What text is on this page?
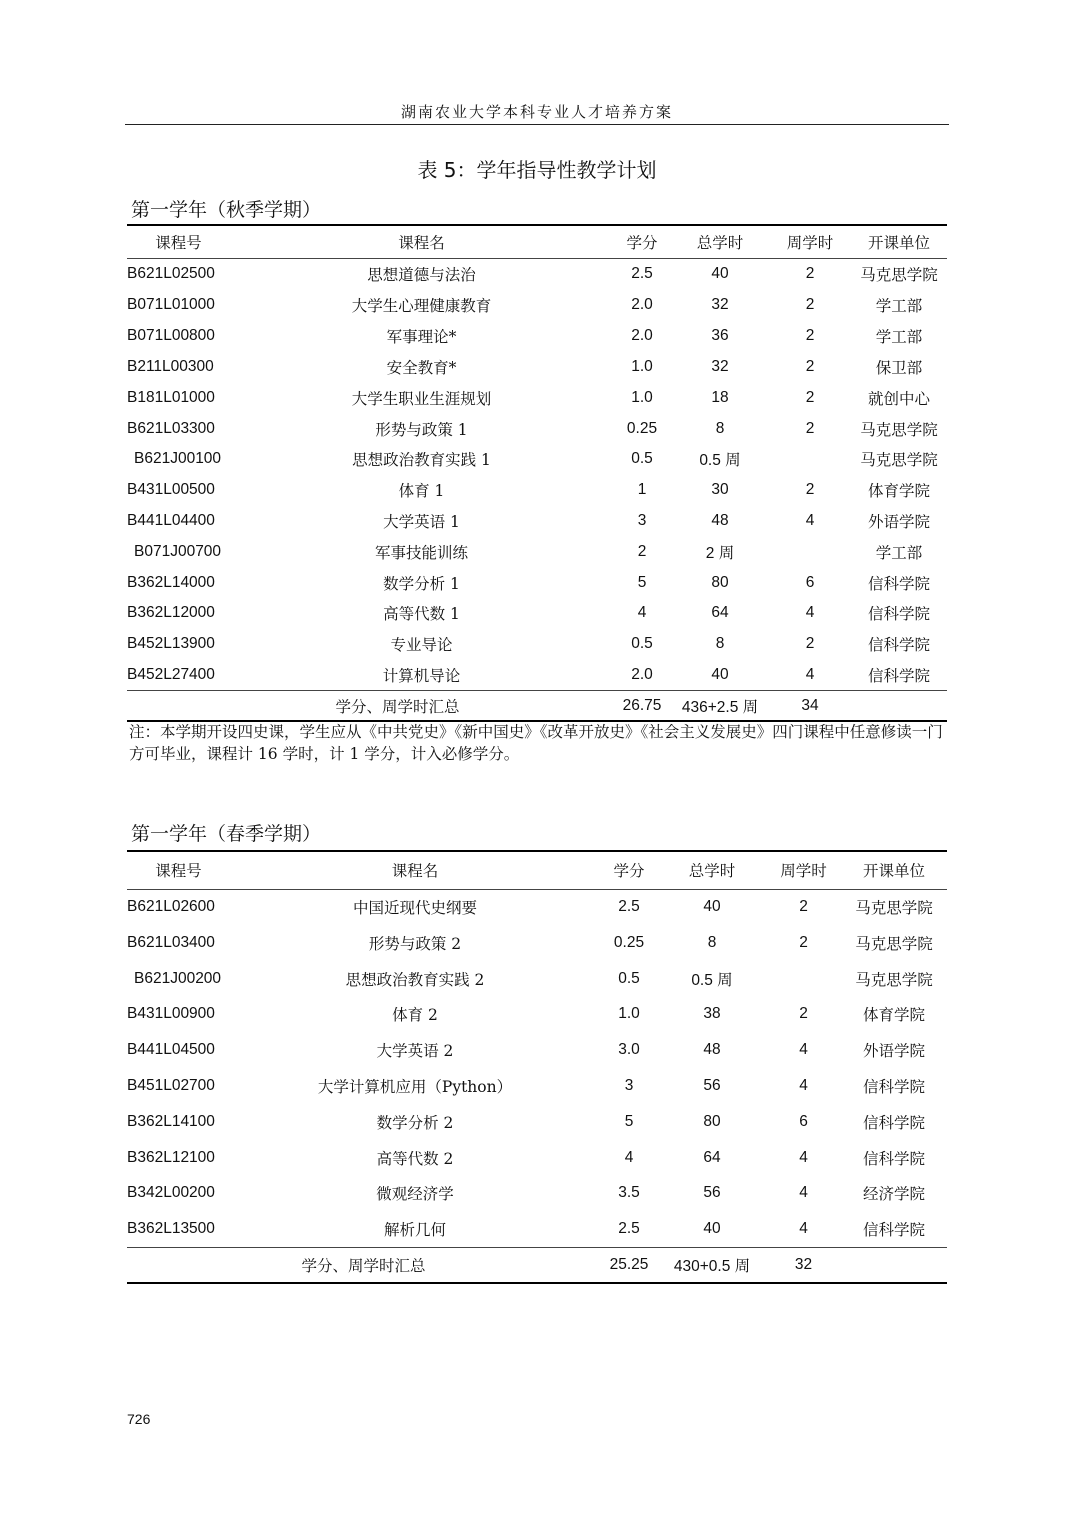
湖南农业大学本科专业人才培养方案
表 5：学年指导性教学计划
第一学年（秋季学期）
课程号	课程名	学分	总学时	周学时	开课单位
B621L02500	思想道德与法治	2.5	40	2	马克思学院
B071L01000	大学生心理健康教育	2.0	32	2	学工部
B071L00800	军事理论*	2.0	36	2	学工部
B211L00300	安全教育*	1.0	32	2	保卫部
B181L01000	大学生职业生涯规划	1.0	18	2	就创中心
B621L03300	形势与政策 1	0.25	8	2	马克思学院
B621J00100	思想政治教育实践 1	0.5	0.5 周		马克思学院
B431L00500	体育 1	1	30	2	体育学院
B441L04400	大学英语 1	3	48	4	外语学院
B071J00700	军事技能训练	2	2 周		学工部
B362L14000	数学分析 1	5	80	6	信科学院
B362L12000	高等代数 1	4	64	4	信科学院
B452L13900	专业导论	0.5	8	2	信科学院
B452L27400	计算机导论	2.0	40	4	信科学院
学分、周学时汇总		26.75	436+2.5 周	34	
注：本学期开设四史课，学生应从《中共党史》《新中国史》《改革开放史》《社会主义发展史》四门课程中任意修读一门方可毕业，课程计 16 学时，计 1 学分，计入必修学分。
第一学年（春季学期）
课程号	课程名	学分	总学时	周学时	开课单位
B621L02600	中国近现代史纲要	2.5	40	2	马克思学院
B621L03400	形势与政策 2	0.25	8	2	马克思学院
B621J00200	思想政治教育实践 2	0.5	0.5 周		马克思学院
B431L00900	体育 2	1.0	38	2	体育学院
B441L04500	大学英语 2	3.0	48	4	外语学院
B451L02700	大学计算机应用（Python）	3	56	4	信科学院
B362L14100	数学分析 2	5	80	6	信科学院
B362L12100	高等代数 2	4	64	4	信科学院
B342L00200	微观经济学	3.5	56	4	经济学院
B362L13500	解析几何	2.5	40	4	信科学院
学分、周学时汇总		25.25	430+0.5 周	32	
726
